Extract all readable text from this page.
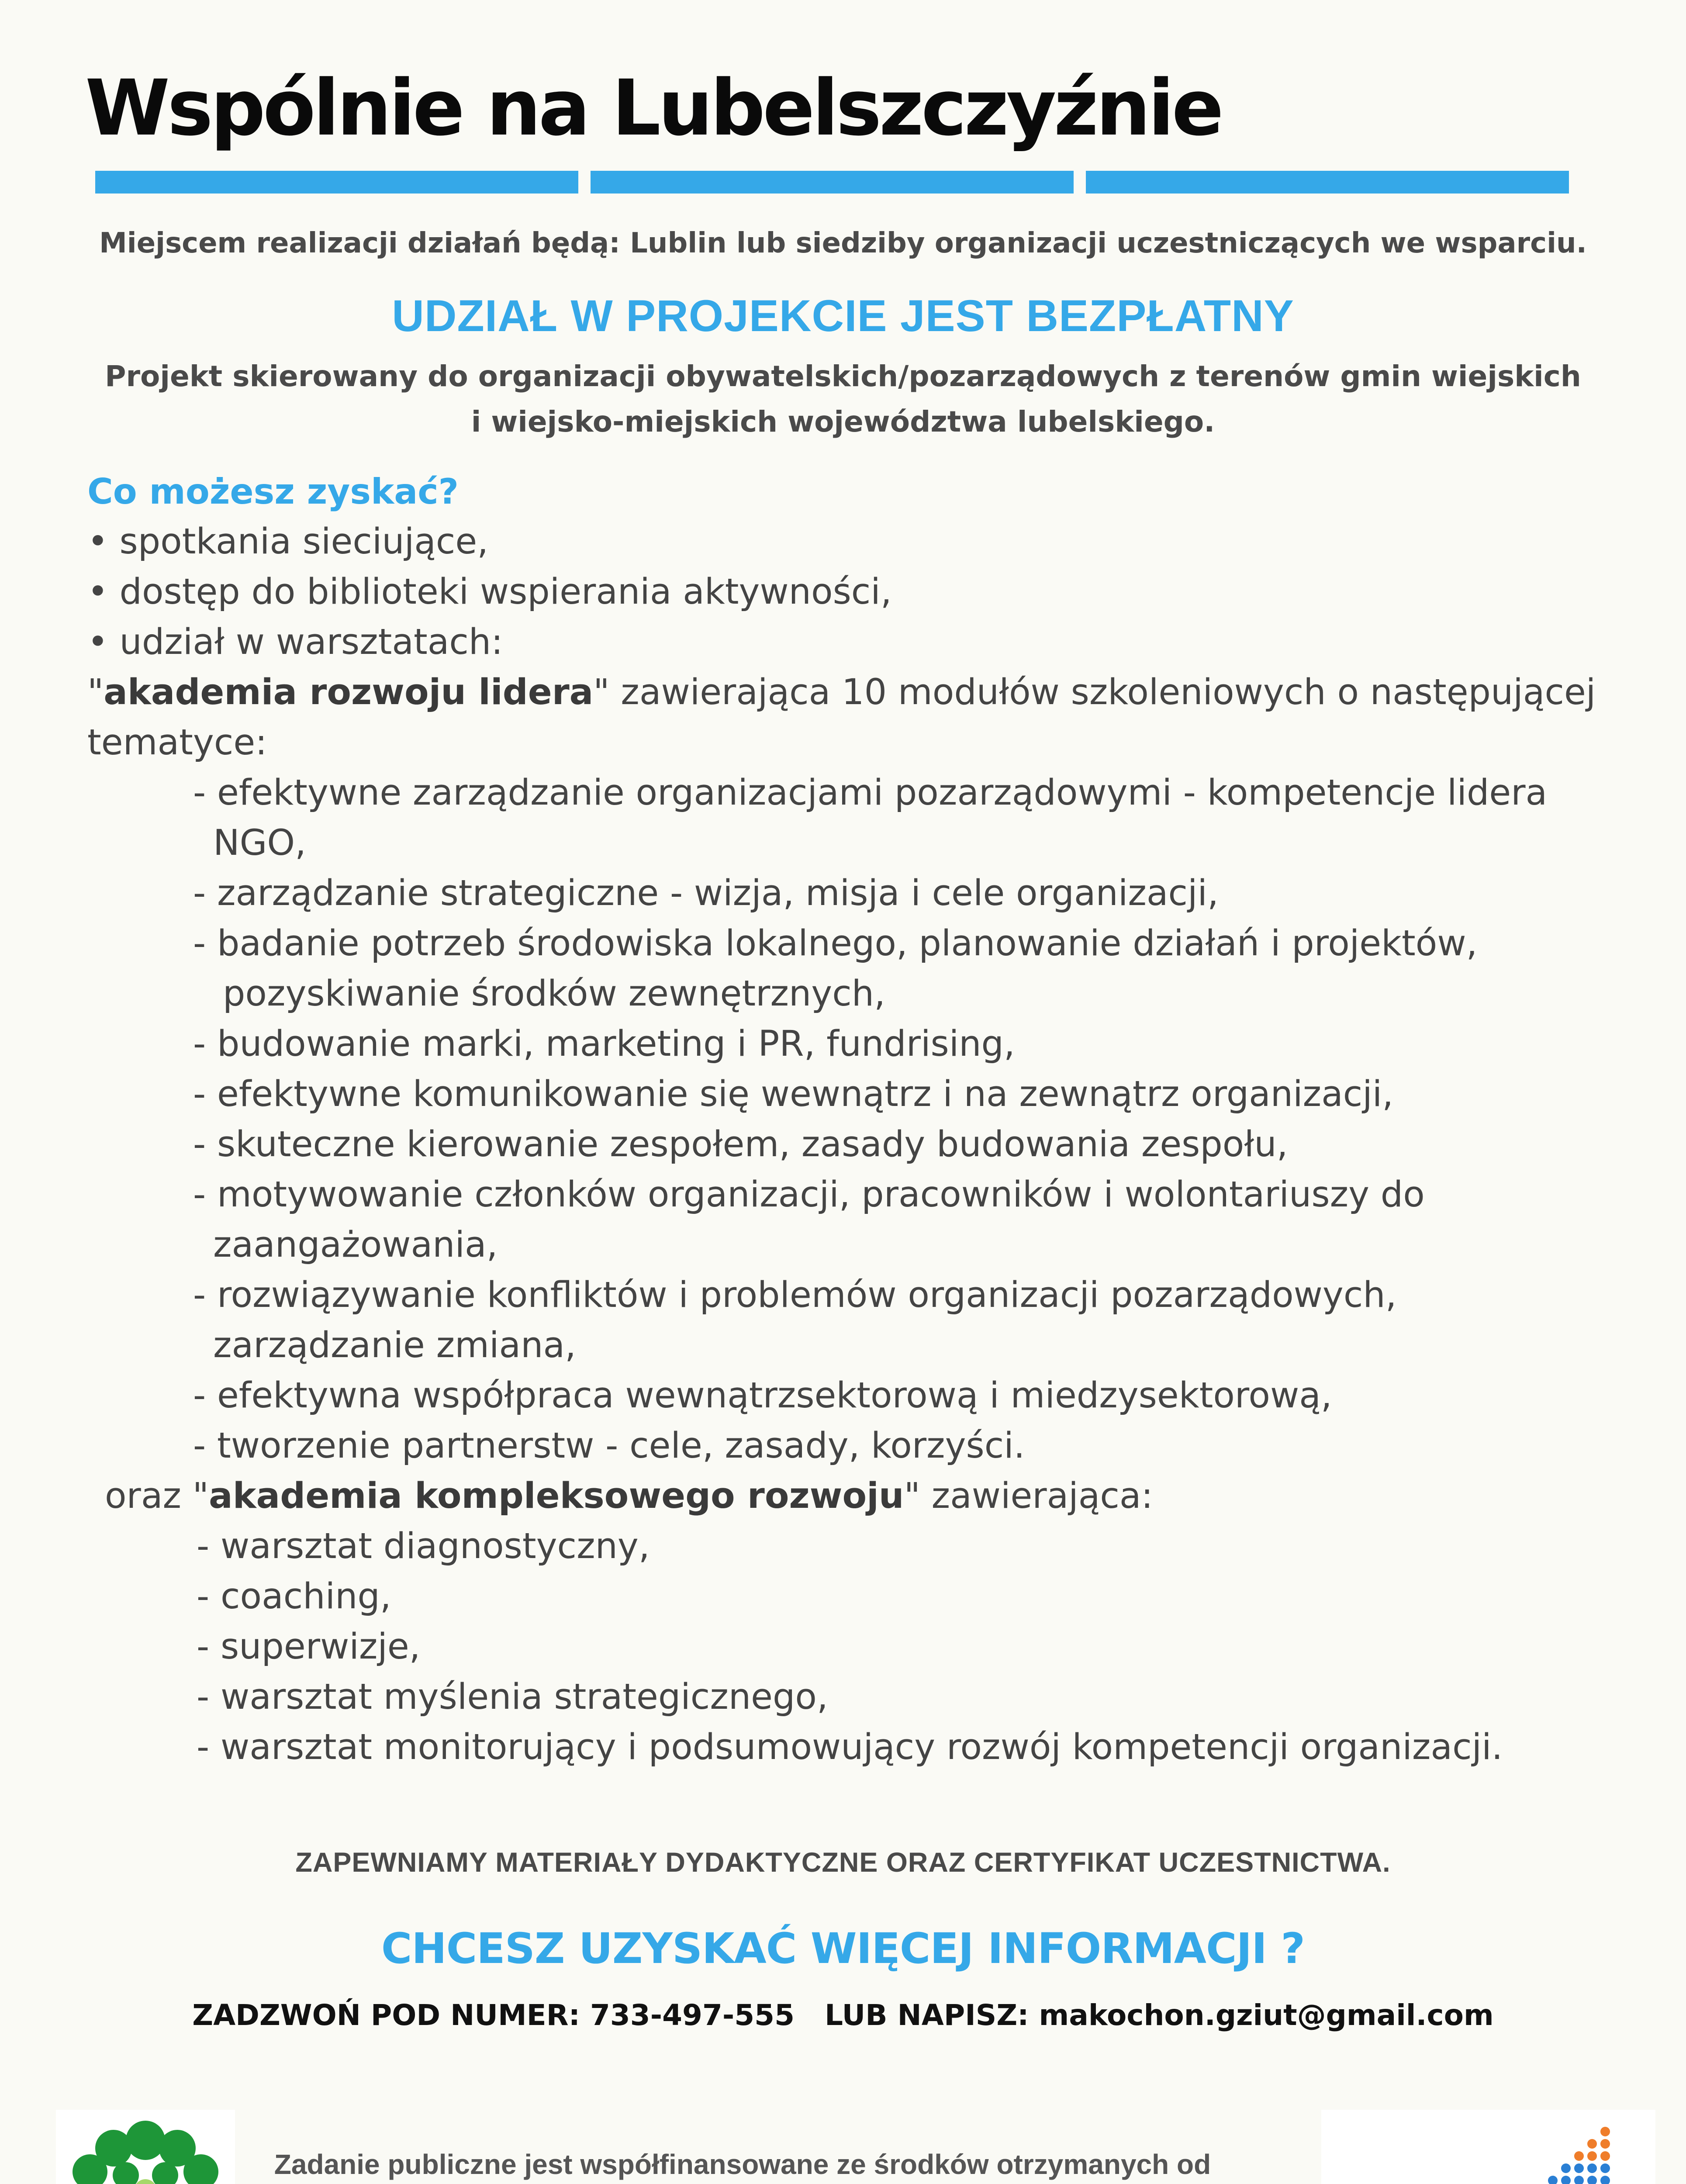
Wspólnie na Lubelszczyźnie
Miejscem realizacji działań będą: Lublin lub siedziby organizacji uczestniczących we wsparciu.
UDZIAŁ W PROJEKCIE JEST BEZPŁATNY
Projekt skierowany do organizacji obywatelskich/pozarządowych z terenów gmin wiejskich
i wiejsko-miejskich województwa lubelskiego.
Co możesz zyskać?
• spotkania sieciujące,
• dostęp do biblioteki wspierania aktywności,
• udział w warsztatach:
"akademia rozwoju lidera" zawierająca 10 modułów szkoleniowych o następującej
tematyce:
- efektywne zarządzanie organizacjami pozarządowymi - kompetencje lidera
NGO,
- zarządzanie strategiczne - wizja, misja i cele organizacji,
- badanie potrzeb środowiska lokalnego, planowanie działań i projektów,
pozyskiwanie środków zewnętrznych,
- budowanie marki, marketing i PR, fundrising,
- efektywne komunikowanie się wewnątrz i na zewnątrz organizacji,
- skuteczne kierowanie zespołem, zasady budowania zespołu,
- motywowanie członków organizacji, pracowników i wolontariuszy do
zaangażowania,
- rozwiązywanie konfliktów i problemów organizacji pozarządowych,
zarządzanie zmiana,
- efektywna współpraca wewnątrzsektorową i miedzysektorową,
- tworzenie partnerstw - cele, zasady, korzyści.
oraz "akademia kompleksowego rozwoju" zawierająca:
- warsztat diagnostyczny,
- coaching,
- superwizje,
- warsztat myślenia strategicznego,
- warsztat monitorujący i podsumowujący rozwój kompetencji organizacji.
ZAPEWNIAMY MATERIAŁY DYDAKTYCZNE ORAZ CERTYFIKAT UCZESTNICTWA.
CHCESZ UZYSKAĆ WIĘCEJ INFORMACJI ?
ZADZWOŃ POD NUMER: 733-497-555   LUB NAPISZ: makochon.gziut@gmail.com
Zadanie publiczne jest współfinansowane ze środków otrzymanych od
